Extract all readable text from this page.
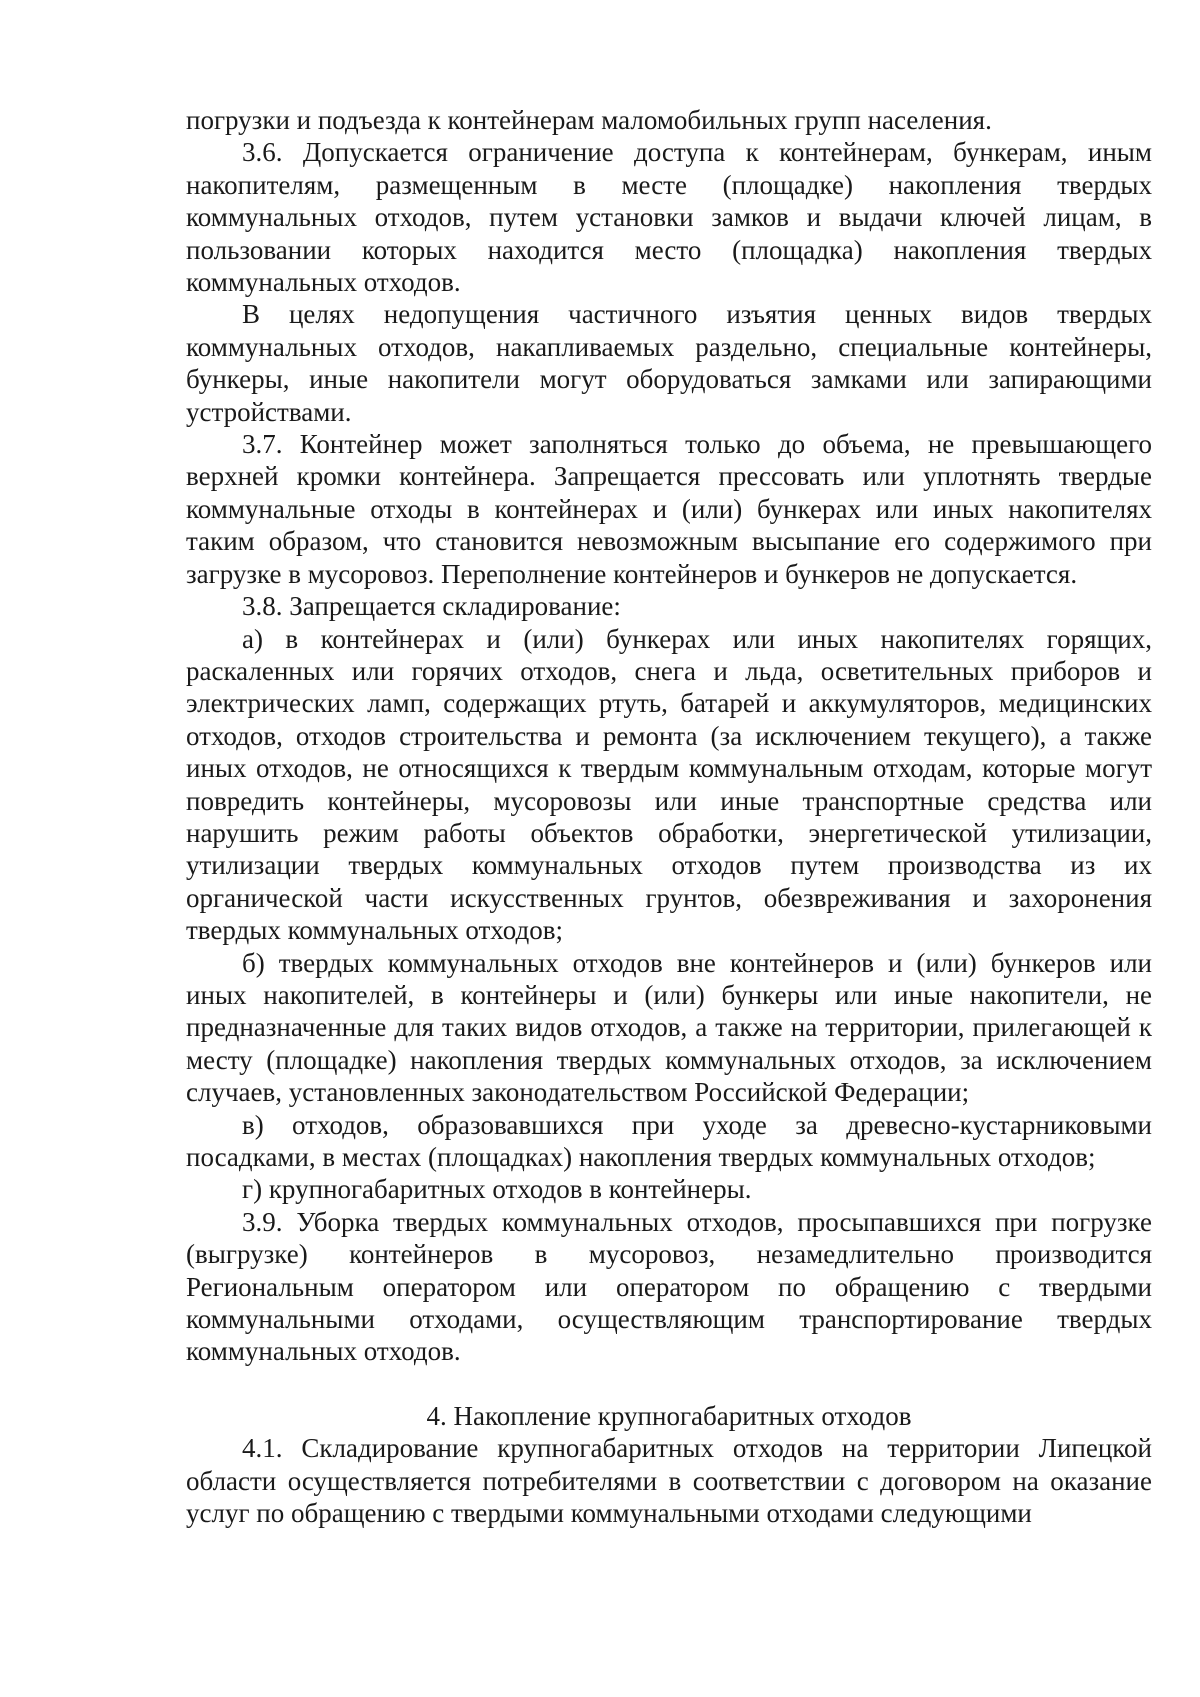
погрузки и подъезда к контейнерам маломобильных групп населения.

3.6. Допускается ограничение доступа к контейнерам, бункерам, иным накопителям, размещенным в месте (площадке) накопления твердых коммунальных отходов, путем установки замков и выдачи ключей лицам, в пользовании которых находится место (площадка) накопления твердых коммунальных отходов.

В целях недопущения частичного изъятия ценных видов твердых коммунальных отходов, накапливаемых раздельно, специальные контейнеры, бункеры, иные накопители могут оборудоваться замками или запирающими устройствами.

3.7. Контейнер может заполняться только до объема, не превышающего верхней кромки контейнера. Запрещается прессовать или уплотнять твердые коммунальные отходы в контейнерах и (или) бункерах или иных накопителях таким образом, что становится невозможным высыпание его содержимого при загрузке в мусоровоз. Переполнение контейнеров и бункеров не допускается.

3.8. Запрещается складирование:

а) в контейнерах и (или) бункерах или иных накопителях горящих, раскаленных или горячих отходов, снега и льда, осветительных приборов и электрических ламп, содержащих ртуть, батарей и аккумуляторов, медицинских отходов, отходов строительства и ремонта (за исключением текущего), а также иных отходов, не относящихся к твердым коммунальным отходам, которые могут повредить контейнеры, мусоровозы или иные транспортные средства или нарушить режим работы объектов обработки, энергетической утилизации, утилизации твердых коммунальных отходов путем производства из их органической части искусственных грунтов, обезвреживания и захоронения твердых коммунальных отходов;

б) твердых коммунальных отходов вне контейнеров и (или) бункеров или иных накопителей, в контейнеры и (или) бункеры или иные накопители, не предназначенные для таких видов отходов, а также на территории, прилегающей к месту (площадке) накопления твердых коммунальных отходов, за исключением случаев, установленных законодательством Российской Федерации;

в) отходов, образовавшихся при уходе за древесно-кустарниковыми посадками, в местах (площадках) накопления твердых коммунальных отходов;

г) крупногабаритных отходов в контейнеры.

3.9. Уборка твердых коммунальных отходов, просыпавшихся при погрузке (выгрузке) контейнеров в мусоровоз, незамедлительно производится Региональным оператором или оператором по обращению с твердыми коммунальными отходами, осуществляющим транспортирование твердых коммунальных отходов.

4. Накопление крупногабаритных отходов

4.1. Складирование крупногабаритных отходов на территории Липецкой области осуществляется потребителями в соответствии с договором на оказание услуг по обращению с твердыми коммунальными отходами следующими
